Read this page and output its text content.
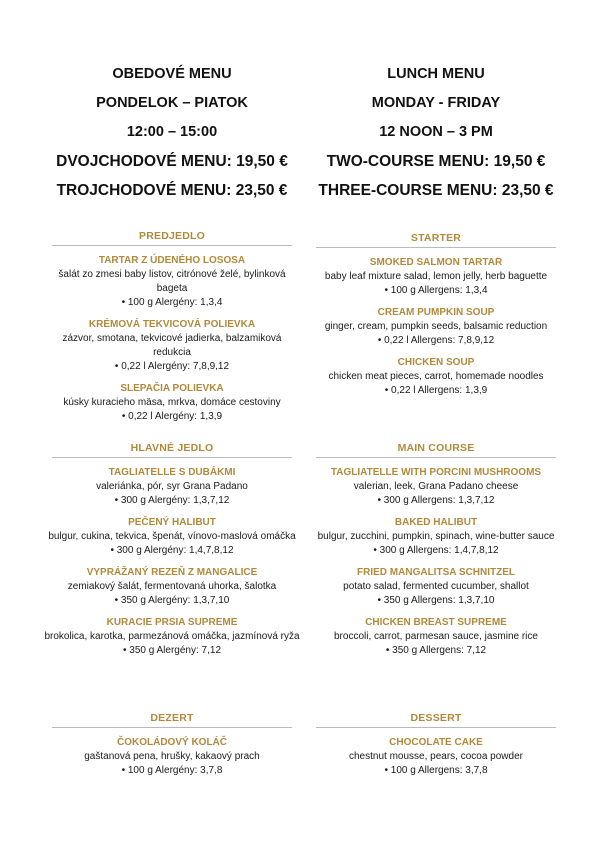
OBEDOVÉ MENU

PONDELOK – PIATOK

12:00 – 15:00

DVOJCHODOVÉ MENU: 19,50 €

TROJCHODOVÉ MENU: 23,50 €

PREDJEDLO
TARTAR Z ÚDENÉHO LOSOSA
šalát zo zmesi baby listov, citrónové želé, bylinková bageta
• 100 g Alergény: 1,3,4
KRÉMOVÁ TEKVICOVÁ POLIEVKA
zázvor, smotana, tekvicové jadierka, balzamiková redukcia
• 0,22 l Alergény: 7,8,9,12
SLEPAČIA POLIEVKA
kúsky kuracieho mäsa, mrkva, domáce cestoviny
• 0,22 l Alergény: 1,3,9
HLAVNÉ JEDLO
TAGLIATELLE S DUBÁKMI
valeriánka, pór, syr Grana Padano
• 300 g Alergény: 1,3,7,12
PEČENÝ HALIBUT
bulgur, cukina, tekvica, špenát, vínovo-maslová omáčka
• 300 g Alergény: 1,4,7,8,12
VYPRÁŽANÝ REZEŇ Z MANGALICE
zemiakový šalát, fermentovaná uhorka, šalotka
• 350 g Alergény: 1,3,7,10
KURACIE PRSIA SUPREME
brokolica, karotka, parmezánová omáčka, jazmínová ryža
• 350 g Alergény: 7,12
DEZERT
ČOKOLÁDOVÝ KOLÁČ
gaštanová pena, hrušky, kakaový prach
• 100 g Alergény: 3,7,8

LUNCH MENU

MONDAY - FRIDAY

12 NOON – 3 PM

TWO-COURSE MENU: 19,50 €

THREE-COURSE MENU: 23,50 €

STARTER
SMOKED SALMON TARTAR
baby leaf mixture salad, lemon jelly, herb baguette
• 100 g Allergens: 1,3,4
CREAM PUMPKIN SOUP
ginger, cream, pumpkin seeds, balsamic reduction
• 0,22 l Allergens: 7,8,9,12
CHICKEN SOUP
chicken meat pieces, carrot, homemade noodles
• 0,22 l Allergens: 1,3,9
MAIN COURSE
TAGLIATELLE WITH PORCINI MUSHROOMS
valerian, leek, Grana Padano cheese
• 300 g Allergens: 1,3,7,12
BAKED HALIBUT
bulgur, zucchini, pumpkin, spinach, wine-butter sauce
• 300 g Allergens: 1,4,7,8,12
FRIED MANGALITSA SCHNITZEL
potato salad, fermented cucumber, shallot
• 350 g Allergens: 1,3,7,10
CHICKEN BREAST SUPREME
broccoli, carrot, parmesan sauce, jasmine rice
• 350 g Allergens: 7,12
DESSERT
CHOCOLATE CAKE
chestnut mousse, pears, cocoa powder
• 100 g Allergens: 3,7,8
